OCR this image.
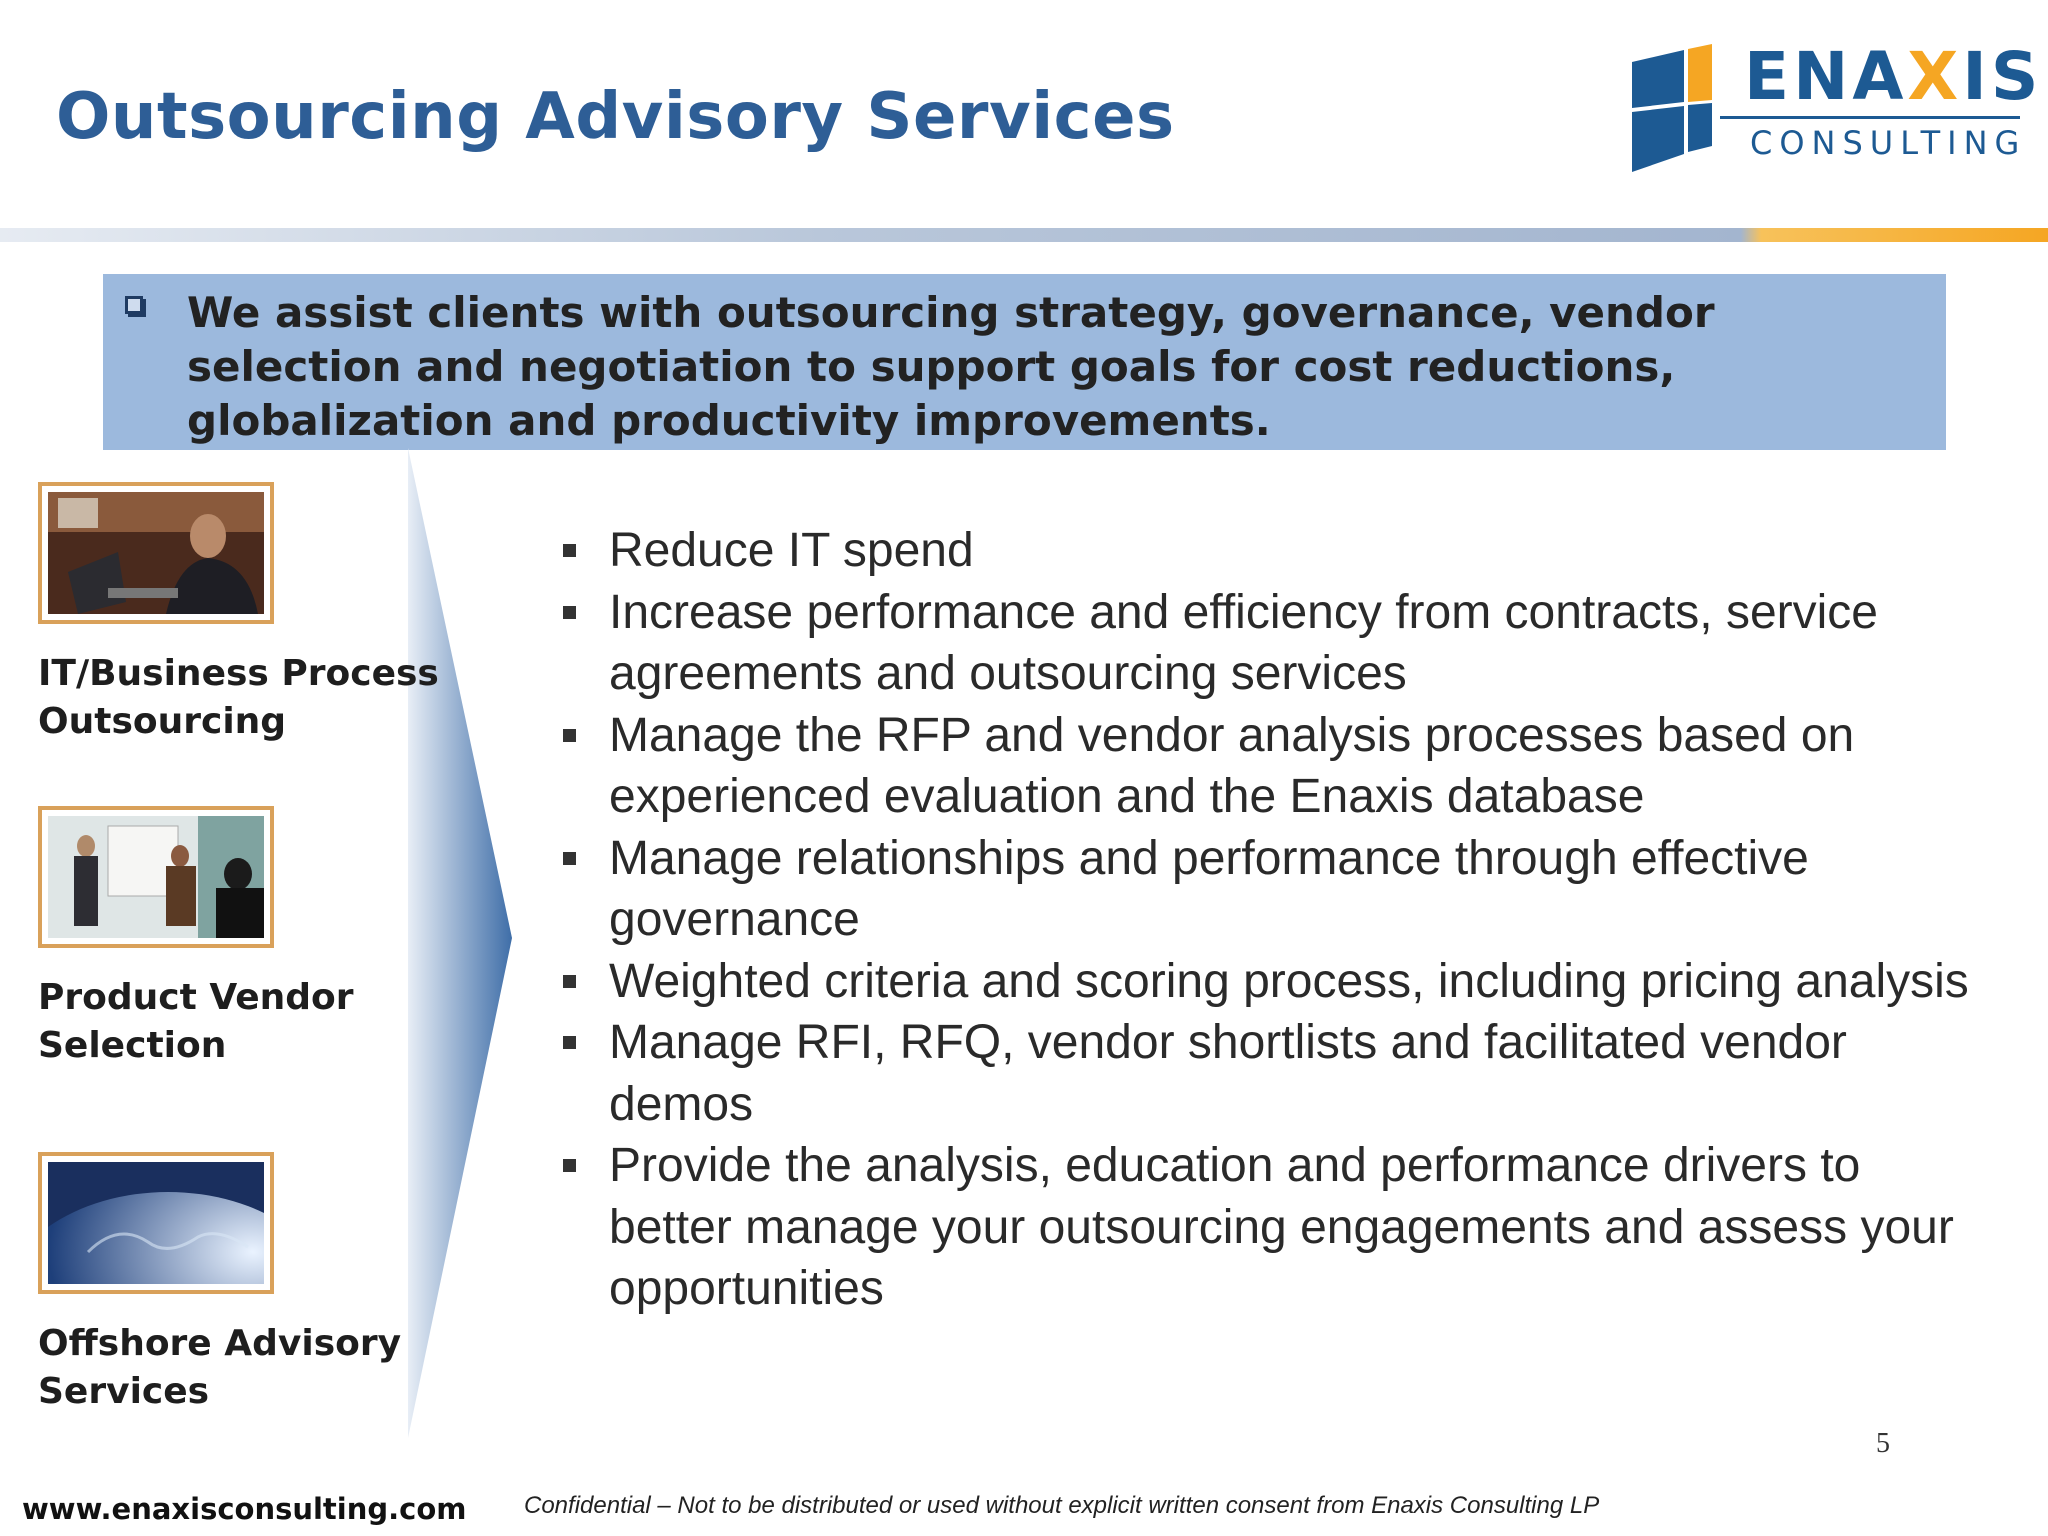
Outsourcing Advisory Services
ENAXIS
CONSULTING
We assist clients with outsourcing strategy, governance, vendor selection and negotiation to support goals for cost reductions, globalization and productivity improvements.
IT/Business Process
Outsourcing
Product Vendor
Selection
Offshore Advisory
Services
Reduce IT spend
Increase performance and efficiency from contracts, service agreements and outsourcing services
Manage the RFP and vendor analysis processes based on experienced evaluation and the Enaxis database
Manage relationships and performance through effective governance
Weighted criteria and scoring process, including pricing analysis
Manage RFI, RFQ, vendor shortlists and facilitated vendor demos
Provide the analysis, education and performance drivers to better manage your outsourcing engagements and assess your opportunities
5
www.enaxisconsulting.com Confidential – Not to be distributed or used without explicit written consent from Enaxis Consulting LP
